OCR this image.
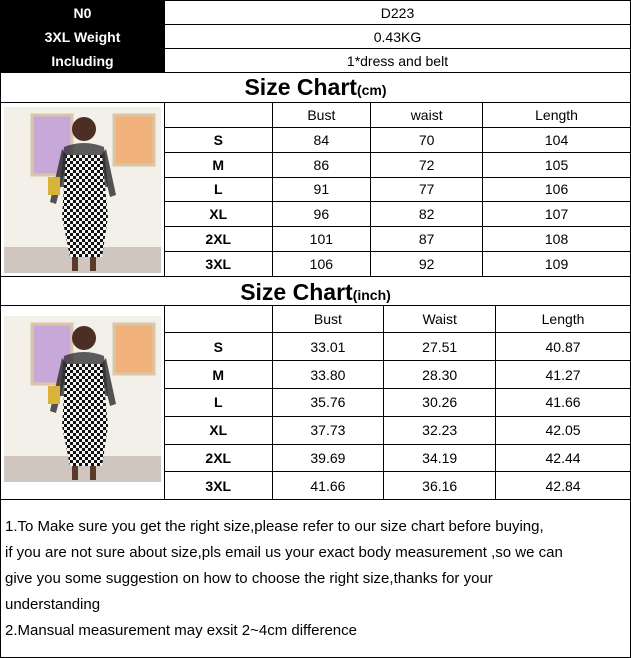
N0	D223
3XL Weight	0.43KG
Including	1*dress and belt
Size Chart(cm)
	Bust	waist	Length
S	84	70	104
M	86	72	105
L	91	77	106
XL	96	82	107
2XL	101	87	108
3XL	106	92	109
Size Chart(inch)
	Bust	Waist	Length
S	33.01	27.51	40.87
M	33.80	28.30	41.27
L	35.76	30.26	41.66
XL	37.73	32.23	42.05
2XL	39.69	34.19	42.44
3XL	41.66	36.16	42.84

1.To Make sure you get the right size,please refer to our size chart before buying,

if you are not sure about size,pls email us your exact body measurement ,so we can

give you some suggestion on how to choose the right size,thanks for your

understanding

2.Mansual measurement may exsit 2~4cm difference
